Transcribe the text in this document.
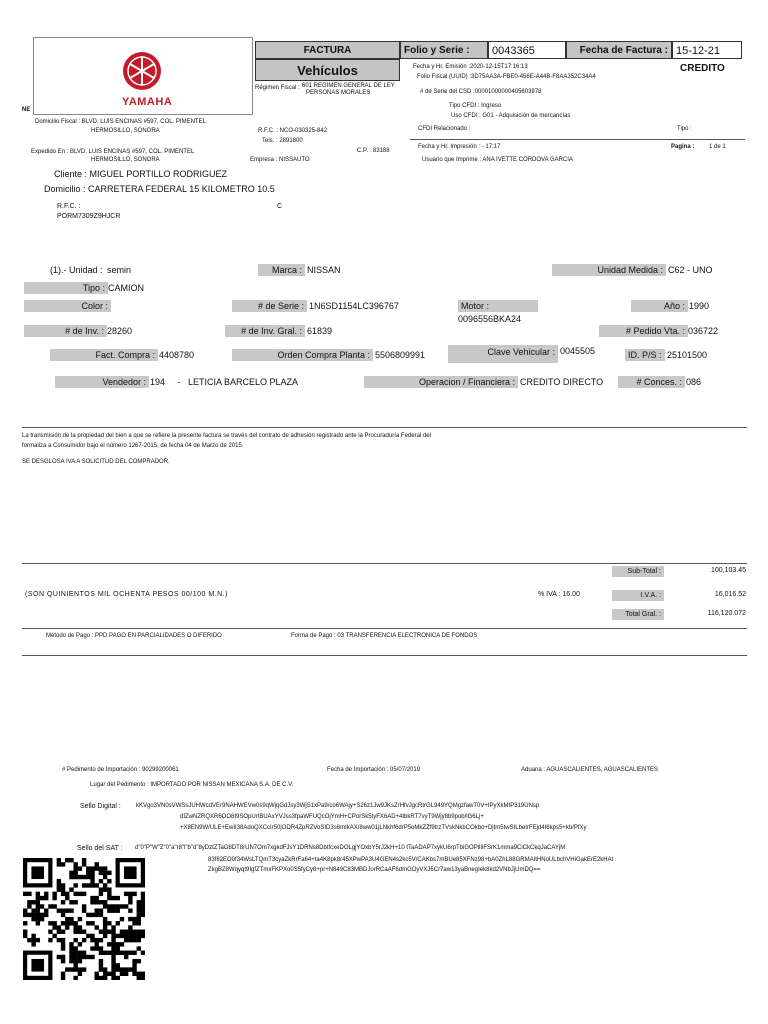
YAMAHA
NE
FACTURA
Vehículos
Folio y Serie :	0043365	Fecha de Factura : 15-12-21
CREDITO
Régimen Fiscal : 601 REGIMEN GENERAL DE LEY
PERSONAS MORALES
Fecha y Hr. Emisión :2020-12-15T17:16:13
Folio Fiscal (UUID) :3D75AA3A-FBE0-456E-A44B-F8AA352C34A4
# de Serie del CSD :00001000000405603978
Tipo CFDI : Ingreso
Uso CFDI : G01 - Adquisición de mercancías
CFDI Relacionado :	Tipo :
Fecha y Hr. Impresión : - 17:17	Pagina : 1 de 1
Usuario que Imprime : ANA IVETTE CORDOVA GARCIA
Domicilio Fiscal : BLVD. LUIS ENCINAS #597, COL. PIMENTEL
HERMOSILLO, SONORA	R.F.C. : NCO-030325-842
Tels. : 2891800
Expedido En : BLVD. LUIS ENCINAS #597, COL. PIMENTEL
HERMOSILLO, SONORA	Empresa : NISSAUTO
C.P. : 83188
Cliente : MIGUEL PORTILLO RODRIGUEZ
Domicilio : CARRETERA FEDERAL 15 KILOMETRO 10.5
R.F.C. :	C
PORM7309Z9HJCR
(1).- Unidad : semin	Marca : NISSAN	Unidad Medida : C62 - UNO
Tipo : CAMION
Color :	# de Serie : 1N6SD1154LC396767	Motor :
0096556BKA24
Año : 1990
# de Inv. : 28260	# de Inv. Gral. : 61839	# Pedido Vta. : 036722
Fact. Compra : 4408780	Orden Compra Planta : 5506809991	Clave Vehicular : 0045505	ID. P/S : 25101500
Vendedor : 194     -   LETICIA BARCELO PLAZA	Operacion / Financiera : CREDITO DIRECTO	# Conces. : 086
La transmisión de la propiedad del bien a que se refiere la presente factura se través del contrato de adhesión registrado ante la Procuraduría Federal del
formaliza a Consumidor bajo el número 1267-2015, de fecha 04 de Marzo de 2015.
SE DESGLOSA IVA A SOLICITUD DEL COMPRADOR.
Sub-Total :	100,103.45
(SON QUINIENTOS MIL OCHENTA PESOS 00/100 M.N.)	% IVA : 16.00	I.V.A. :	16,016.52
Total Gral. :	116,120.072
Método de Pago : PPD PAGO EN PARCIALIDADES O DIFERIDO	Forma de Pago : 03 TRANSFERENCIA ELECTRONICA DE FONDOS
# Pedimento de Importación : 90299200061	Fecha de Importación : 05/07/2019	Aduana : AGUASCALIENTES, AGUASCALIENTES
Lugar del Pedimento : IMPORTADO POR NISSAN MEXICANA S.A. DE C.V.
Sello Digital :	kKVgo3VN0sVWSsJUHWcdVEr9NAHWEVw0s9qWjqGdJsy3WjS1xPa9/co6WAjy+S26z1Jw9JKsZrHfvJgcRtrGL949YQMgzfawT0V+IPyXkMIP319UNsp
dIZwNZRQXR6OO8I9SOpUrIBUAxYVJss3fpaWFUQcOjYmH+CPorSk5tyFX6AD+4IbkRT7vyT9Wjy8b9pob/lG6Lj+
+X8EN9W/ULE+EwII38AdoQXCcIr50jODR4ZpRZVoSID3s6mIkAX/8ww01jLNkhf6drP5oMkZZf9trzTVskNkbCOkbo+Djtm5twSILbeIrFEjd4I6kps5+kb/PfXy
Sello del SAT : d"0"P"W"Z"0"a"r8"l"b"d"8yDztZTaO8DT8rUN7Om7xgkdFJsY1DRNs8DbtfcxeDOLgjYOxbY5rJ2kH+10 tTaADAP7xykU6rpTbiGOPllIiFSrK1mma9CiCkCkqJaCAYjM
83f62EO0f34WsLTQmT3cyaZkRrFa64+ta4K8pk8r45XPwPA3U4GEN4s2kc5V/CAKbs7mBUe85XFNz98+bA0ZhL88GRMAItHNoULbchVHiGakErE2kHAt
ZkgBZ8Wqyqt9IgfZTmxFKPXo0S5fyCy8+pr+N849C83MBDJorRCaAF6dmGOyVXJ6Cr7aw13yaBnegIek8kd2VNbJjUmDQ==
